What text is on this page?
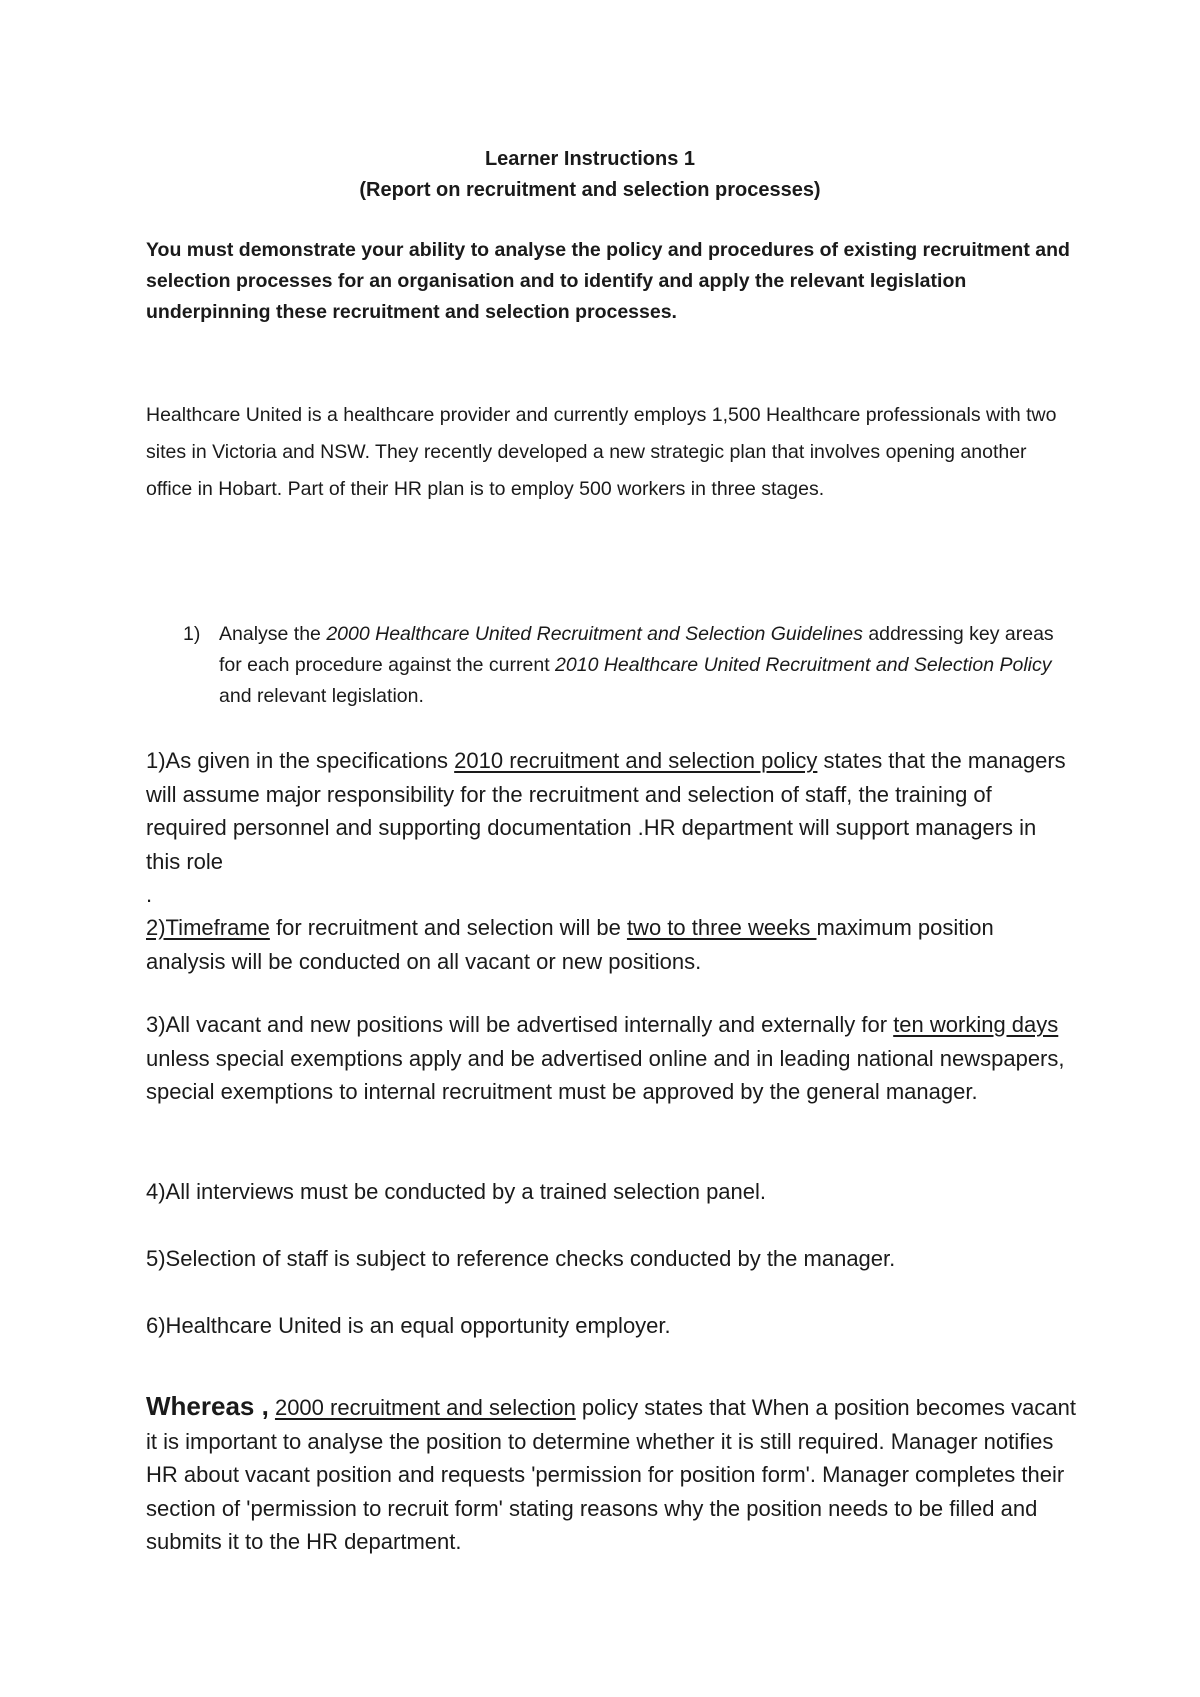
Learner Instructions 1

(Report on recruitment and selection processes)

You must demonstrate your ability to analyse the policy and procedures of existing recruitment and selection processes for an organisation and to identify and apply the relevant legislation underpinning these recruitment and selection processes.

Healthcare United is a healthcare provider and currently employs 1,500 Healthcare professionals with two sites in Victoria and NSW. They recently developed a new strategic plan that involves opening another office in Hobart. Part of their HR plan is to employ 500 workers in three stages.

1) Analyse the 2000 Healthcare United Recruitment and Selection Guidelines addressing key areas for each procedure against the current 2010 Healthcare United Recruitment and Selection Policy and relevant legislation.

1)As given in the specifications 2010 recruitment and selection policy states that the managers will assume major responsibility for the recruitment and selection of staff, the training of required personnel and supporting documentation .HR department will support managers in this role
.

2)Timeframe for recruitment and selection will be two to three weeks maximum position analysis will be conducted on all vacant or new positions.

3)All vacant and new positions will be advertised internally and externally for ten working days unless special exemptions apply and be advertised online and in leading national newspapers, special exemptions to internal recruitment must be approved by the general manager.

4)All interviews must be conducted by a trained selection panel.

5)Selection of staff is subject to reference checks conducted by the manager.

6)Healthcare United is an equal opportunity employer.

Whereas , 2000 recruitment and selection policy states that When a position becomes vacant it is important to analyse the position to determine whether it is still required. Manager notifies HR about vacant position and requests 'permission for position form'. Manager completes their section of 'permission to recruit form' stating reasons why the position needs to be filled and submits it to the HR department.
